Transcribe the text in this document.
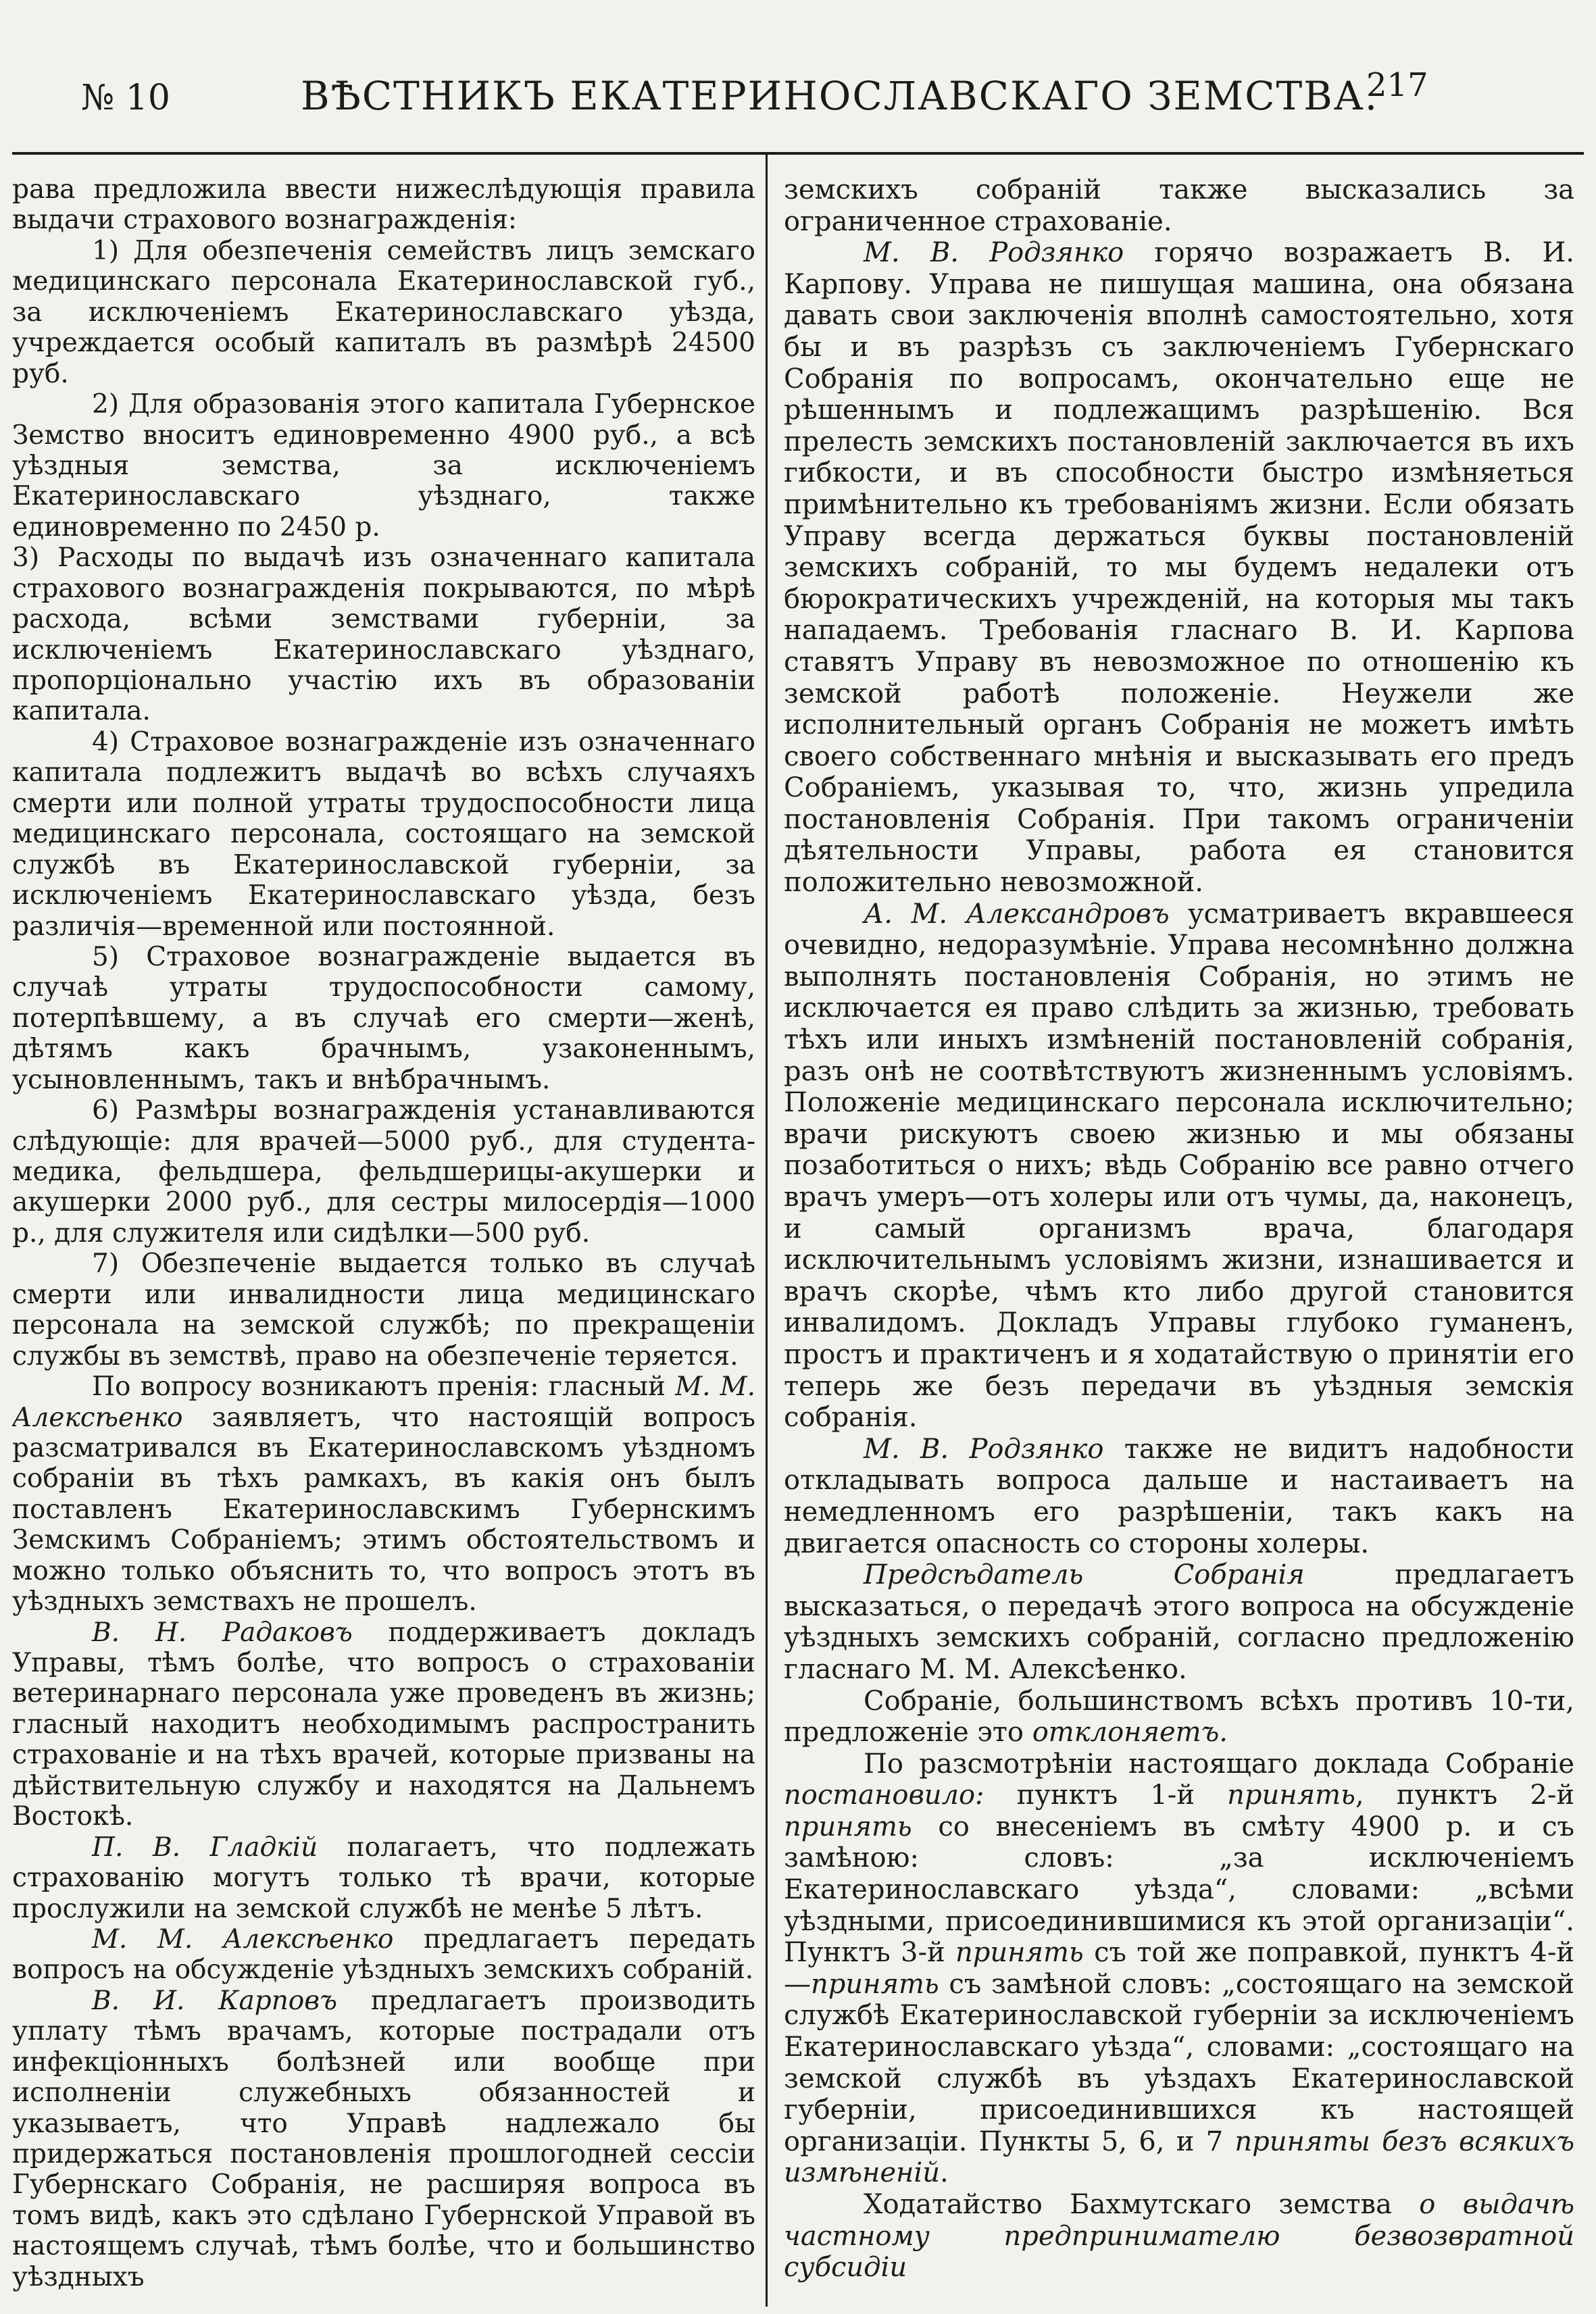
№ 10	ВѢСТНИКЪ ЕКАТЕРИНОСЛАВСКАГО ЗЕМСТВА.
217

рава предложила ввести нижеслѣдующія правила выдачи страхового вознагражденія:

1) Для обезпеченія семействъ лицъ земскаго медицинскаго персонала Екатеринославской губ., за исключеніемъ Екатеринославскаго уѣзда, учреждается особый капиталъ въ размѣрѣ 24500 руб.

2) Для образованія этого капитала Губернское Земство вноситъ единовременно 4900 руб., а всѣ уѣздныя земства, за исключеніемъ Екатеринославскаго уѣзднаго, также единовременно по 2450 р.

3) Расходы по выдачѣ изъ означеннаго капитала страхового вознагражденія покрываются, по мѣрѣ расхода, всѣми земствами губерніи, за исключеніемъ Екатеринославскаго уѣзднаго, пропорціонально участію ихъ въ образованіи капитала.

4) Страховое вознагражденіе изъ означеннаго капитала подлежитъ выдачѣ во всѣхъ случаяхъ смерти или полной утраты трудоспособности лица медицинскаго персонала, состоящаго на земской службѣ въ Екатеринославской губерніи, за исключеніемъ Екатеринославскаго уѣзда, безъ различія—временной или постоянной.

5) Страховое вознагражденіе выдается въ случаѣ утраты трудоспособности самому, потерпѣвшему, а въ случаѣ его смерти—женѣ, дѣтямъ какъ брачнымъ, узаконеннымъ, усыновленнымъ, такъ и внѣбрачнымъ.

6) Размѣры вознагражденія устанавливаются слѣдующіе: для врачей—5000 руб., для студента-медика, фельдшера, фельдшерицы-акушерки и акушерки 2000 руб., для сестры милосердія—1000 р., для служителя или сидѣлки—500 руб.

7) Обезпеченіе выдается только въ случаѣ смерти или инвалидности лица медицинскаго персонала на земской службѣ; по прекращеніи службы въ земствѣ, право на обезпеченіе теряется.

По вопросу возникаютъ пренія: гласный М. М. Алексѣенко заявляетъ, что настоящій вопросъ разсматривался въ Екатеринославскомъ уѣздномъ собраніи въ тѣхъ рамкахъ, въ какія онъ былъ поставленъ Екатеринославскимъ Губернскимъ Земскимъ Собраніемъ; этимъ обстоятельствомъ и можно только объяснить то, что вопросъ этотъ въ уѣздныхъ земствахъ не прошелъ.

В. Н. Радаковъ поддерживаетъ докладъ Управы, тѣмъ болѣе, что вопросъ о страхованіи ветеринарнаго персонала уже проведенъ въ жизнь; гласный находитъ необходимымъ распространить страхованіе и на тѣхъ врачей, которые призваны на дѣйствительную службу и находятся на Дальнемъ Востокѣ.

П. В. Гладкій полагаетъ, что подлежать страхованію могутъ только тѣ врачи, которые прослужили на земской службѣ не менѣе 5 лѣтъ.

М. М. Алексѣенко предлагаетъ передать вопросъ на обсужденіе уѣздныхъ земскихъ собраній.

В. И. Карповъ предлагаетъ производить уплату тѣмъ врачамъ, которые пострадали отъ инфекціонныхъ болѣзней или вообще при исполненіи служебныхъ обязанностей и указываетъ, что Управѣ надлежало бы придержаться постановленія прошлогодней сессіи Губернскаго Собранія, не расширяя вопроса въ томъ видѣ, какъ это сдѣлано Губернской Управой въ настоящемъ случаѣ, тѣмъ болѣе, что и большинство уѣздныхъ

земскихъ собраній также высказались за ограниченное страхованіе.

М. В. Родзянко горячо возражаетъ В. И. Карпову. Управа не пишущая машина, она обязана давать свои заключенія вполнѣ самостоятельно, хотя бы и въ разрѣзъ съ заключеніемъ Губернскаго Собранія по вопросамъ, окончательно еще не рѣшеннымъ и подлежащимъ разрѣшенію. Вся прелесть земскихъ постановленій заключается въ ихъ гибкости, и въ способности быстро измѣняеться примѣнительно къ требованіямъ жизни. Если обязать Управу всегда держаться буквы постановленій земскихъ собраній, то мы будемъ недалеки отъ бюрократическихъ учрежденій, на которыя мы такъ нападаемъ. Требованія гласнаго В. И. Карпова ставятъ Управу въ невозможное по отношенію къ земской работѣ положеніе. Неужели же исполнительный органъ Собранія не можетъ имѣть своего собственнаго мнѣнія и высказывать его предъ Собраніемъ, указывая то, что, жизнь упредила постановленія Собранія. При такомъ ограниченіи дѣятельности Управы, работа ея становится положительно невозможной.

А. М. Александровъ усматриваетъ вкравшееся очевидно, недоразумѣніе. Управа несомнѣнно должна выполнять постановленія Собранія, но этимъ не исключается ея право слѣдить за жизнью, требовать тѣхъ или иныхъ измѣненій постановленій собранія, разъ онѣ не соотвѣтствуютъ жизненнымъ условіямъ. Положеніе медицинскаго персонала исключительно; врачи рискуютъ своею жизнью и мы обязаны позаботиться о нихъ; вѣдь Собранію все равно отчего врачъ умеръ—отъ холеры или отъ чумы, да, наконецъ, и самый организмъ врача, благодаря исключительнымъ условіямъ жизни, изнашивается и врачъ скорѣе, чѣмъ кто либо другой становится инвалидомъ. Докладъ Управы глубоко гуманенъ, простъ и практиченъ и я ходатайствую о принятіи его теперь же безъ передачи въ уѣздныя земскія собранія.

М. В. Родзянко также не видитъ надобности откладывать вопроса дальше и настаиваетъ на немедленномъ его разрѣшеніи, такъ какъ на двигается опасность со стороны холеры.

Предсѣдатель Собранія предлагаетъ высказаться, о передачѣ этого вопроса на обсужденіе уѣздныхъ земскихъ собраній, согласно предложенію гласнаго М. М. Алексѣенко.

Собраніе, большинствомъ всѣхъ противъ 10-ти, предложеніе это отклоняетъ.

По разсмотрѣніи настоящаго доклада Собраніе постановило: пунктъ 1-й принять, пунктъ 2-й принять со внесеніемъ въ смѣту 4900 р. и съ замѣною: словъ: „за исключеніемъ Екатеринославскаго уѣзда“, словами: „всѣми уѣздными, присоединившимися къ этой организаціи“. Пунктъ 3-й принять съ той же поправкой, пунктъ 4-й—принять съ замѣной словъ: „состоящаго на земской службѣ Екатеринославской губерніи за исключеніемъ Екатеринославскаго уѣзда“, словами: „состоящаго на земской службѣ въ уѣздахъ Екатеринославской губерніи, присоединившихся къ настоящей организаціи. Пункты 5, 6, и 7 приняты безъ всякихъ измѣненій.

Ходатайство Бахмутскаго земства о выдачѣ частному предпринимателю безвозвратной субсидіи
